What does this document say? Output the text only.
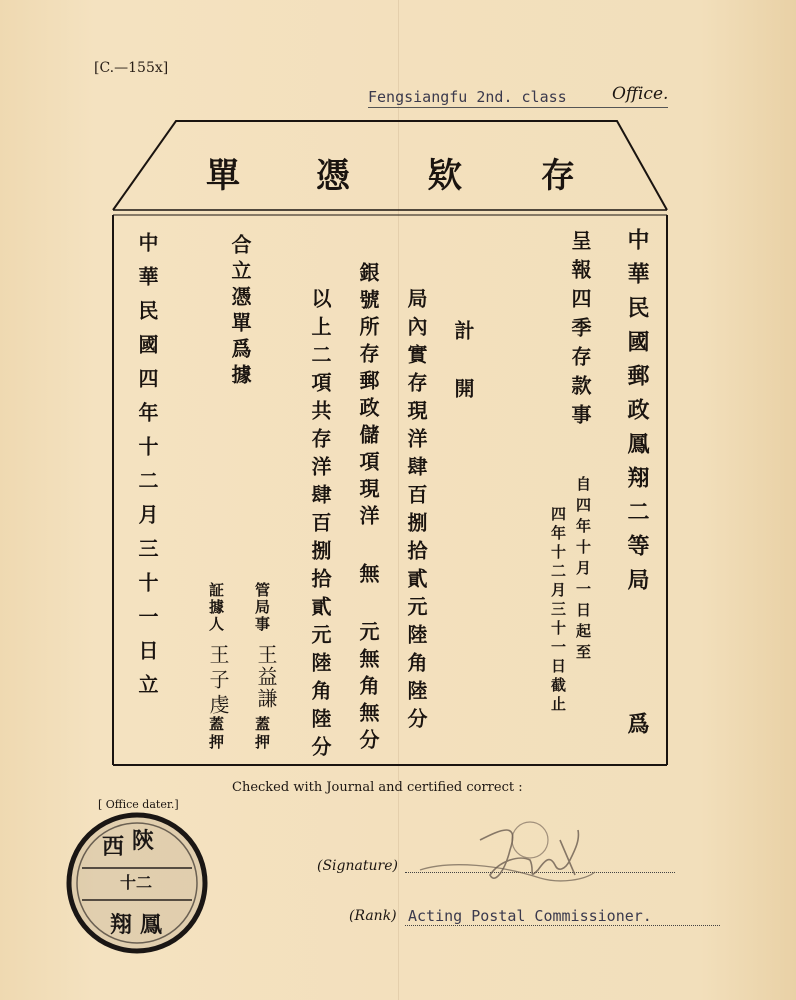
[C.—155x]
Fengsiangfu 2nd. class	Office.
單 憑 欵 存
中華民國郵政鳳翔二等局
爲
呈報四季存款事
自四年十月一日起至
四年十二月三十一日截止
計
開
局內實存現洋肆百捌拾貳元陸角陸分
銀號所存郵政儲項現洋 無 元無角無分
以上二項共存洋肆百捌拾貳元陸角陸分
管局事
王益謙
蓋押
証據人
王子虔
蓋押
合立憑單爲據
中華民國四年十二月三十一日立
Checked with Journal and certified correct :
(Signature)
(Rank) Acting Postal Commissioner.
[ Office dater.]
陝
西
鳳
翔
十 二
